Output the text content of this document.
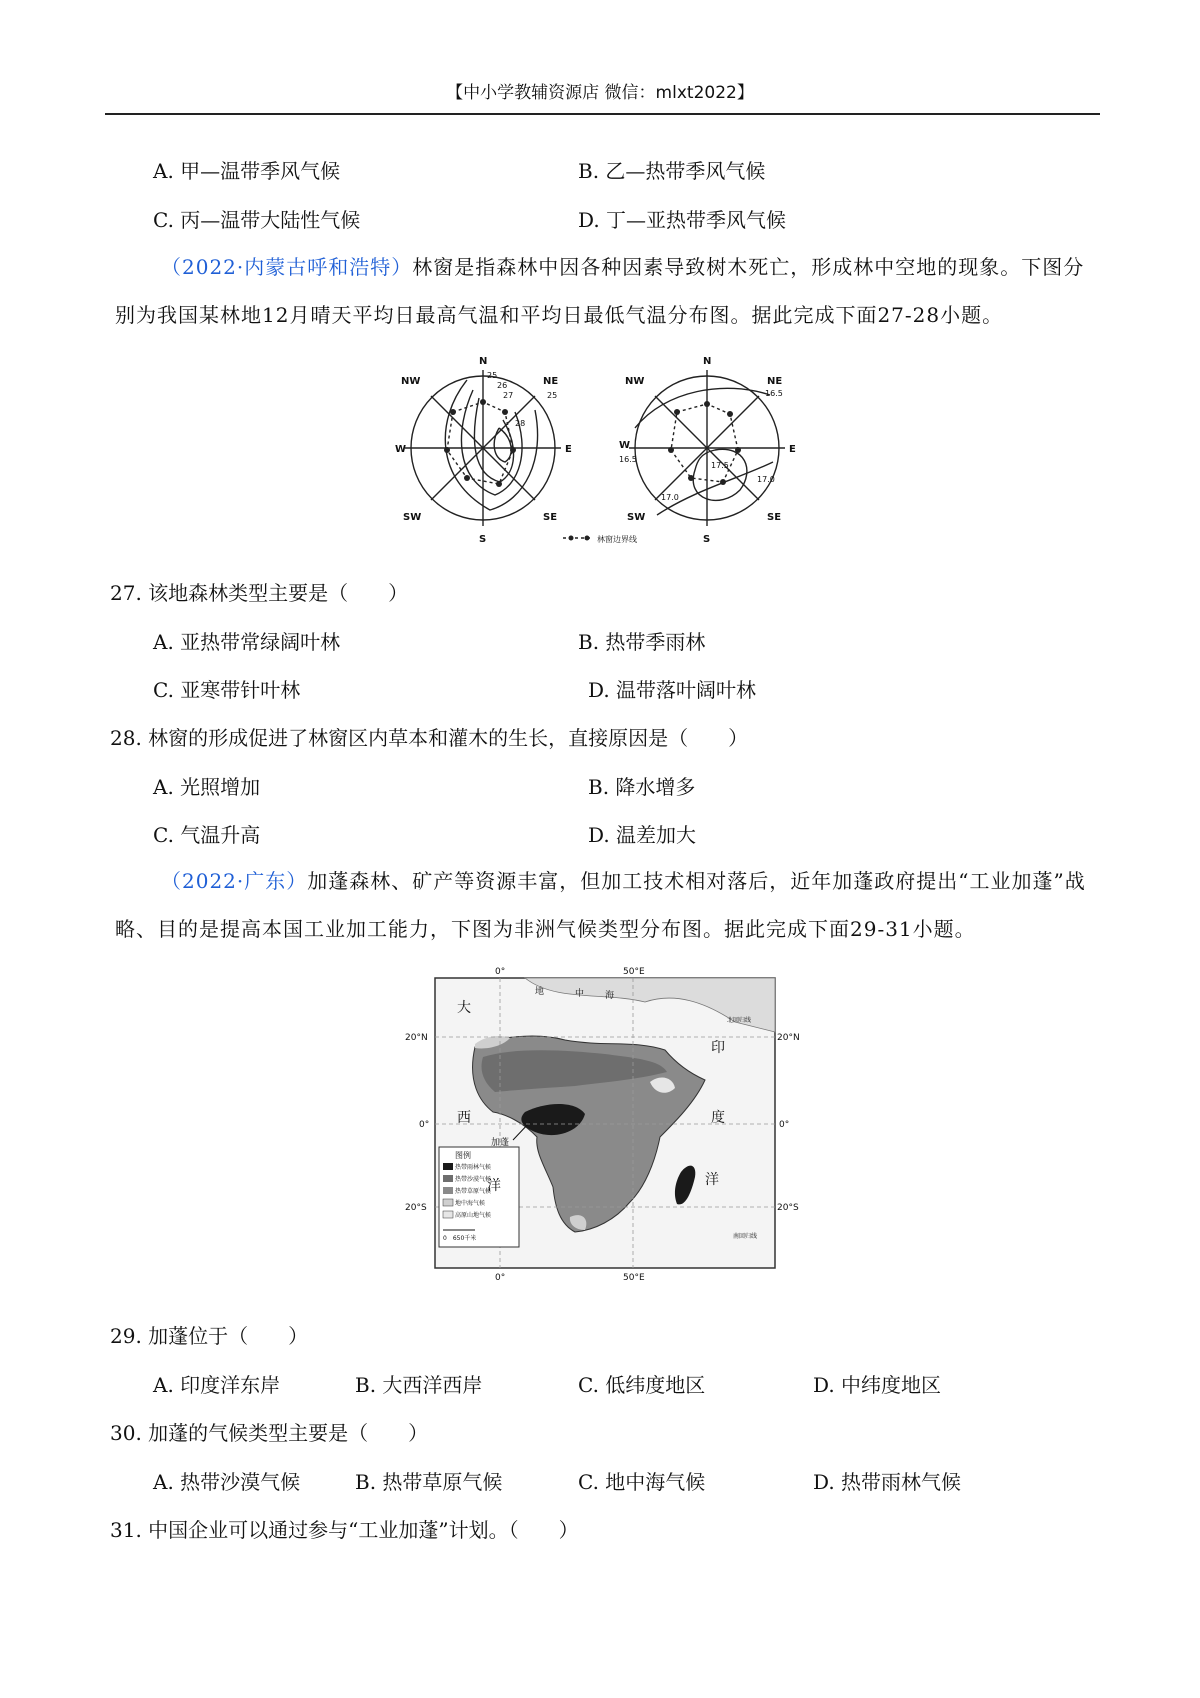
【中小学教辅资源店 微信：mlxt2022】
A. 甲—温带季风气候	B. 乙—热带季风气候
C. 丙—温带大陆性气候	D. 丁—亚热带季风气候
（2022·内蒙古呼和浩特）林窗是指森林中因各种因素导致树木死亡，形成林中空地的现象。下图分别为我国某林地12月晴天平均日最高气温和平均日最低气温分布图。据此完成下面27-28小题。
N
NE
E
SE
S
SW
W
NW
25
26
27
28
25
N
NE
E
SE
S
SW
W
NW
16.5
16.5
17.5
17.0
17.0
林窗边界线
27. 该地森林类型主要是（　　）
A. 亚热带常绿阔叶林	B. 热带季雨林
C. 亚寒带针叶林	D. 温带落叶阔叶林
28. 林窗的形成促进了林窗区内草本和灌木的生长，直接原因是（　　）
A. 光照增加	B. 降水增多
C. 气温升高	D. 温差加大
（2022·广东）加蓬森林、矿产等资源丰富，但加工技术相对落后，近年加蓬政府提出“工业加蓬”战略、目的是提高本国工业加工能力，下图为非洲气候类型分布图。据此完成下面29-31小题。
图例
热带雨林气候
热带沙漠气候
热带草原气候
地中海气候
高原山地气候
0　650千米
0°	50°E
0°	50°E
20°N	20°N
0°	0°
20°S	20°S
大
西
洋
印
度
洋
地	中 海
加蓬
北回归线
南回归线
29. 加蓬位于（　　）
A. 印度洋东岸	B. 大西洋西岸	C. 低纬度地区	D. 中纬度地区
30. 加蓬的气候类型主要是（　　）
A. 热带沙漠气候	B. 热带草原气候	C. 地中海气候	D. 热带雨林气候
31. 中国企业可以通过参与“工业加蓬”计划。（　　）
